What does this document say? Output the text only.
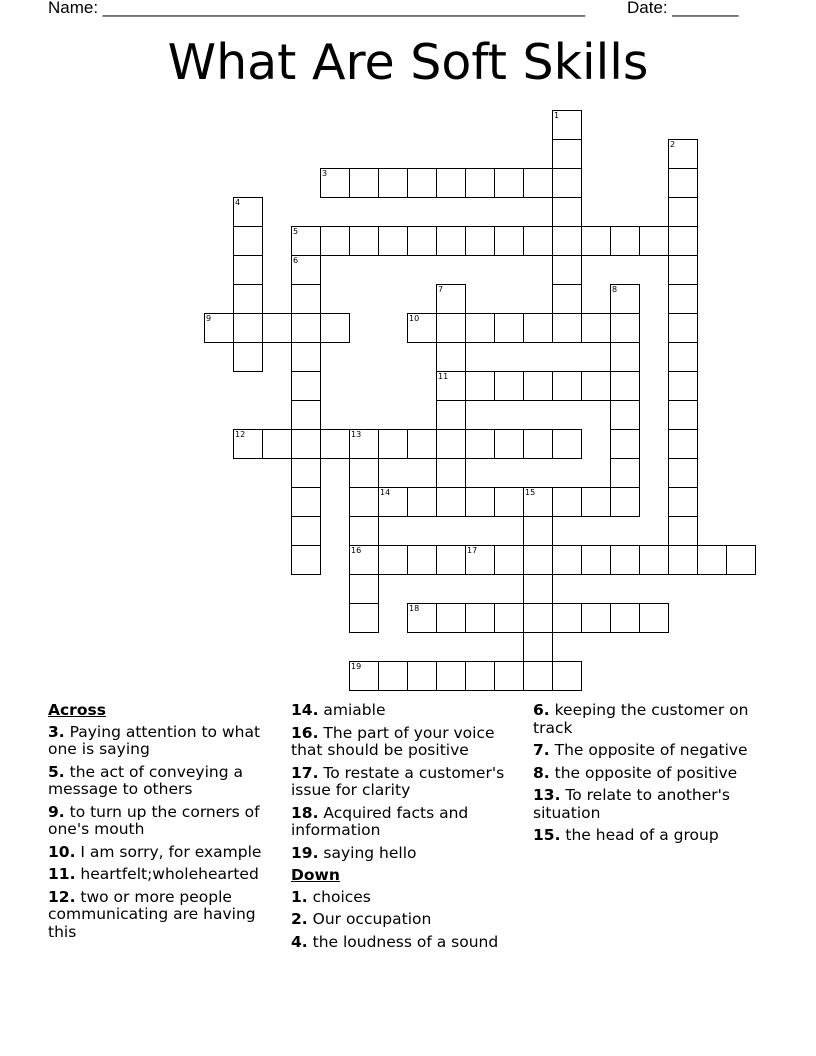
Name: ___________________________________________________ Date: _______
What Are Soft Skills
1
2
3
4
5
6
7
11
8
9	10
12	13
16
14	15
17
18
19
Across
3. Paying attention to what one is saying
5. the act of conveying a message to others
9. to turn up the corners of one's mouth
10. I am sorry, for example
11. heartfelt;wholehearted
12. two or more people communicating are having this
14. amiable
16. The part of your voice that should be positive
17. To restate a customer's issue for clarity
18. Acquired facts and information
19. saying hello
Down
1. choices
2. Our occupation
4. the loudness of a sound
6. keeping the customer on track
7. The opposite of negative
8. the opposite of positive
13. To relate to another's situation
15. the head of a group
